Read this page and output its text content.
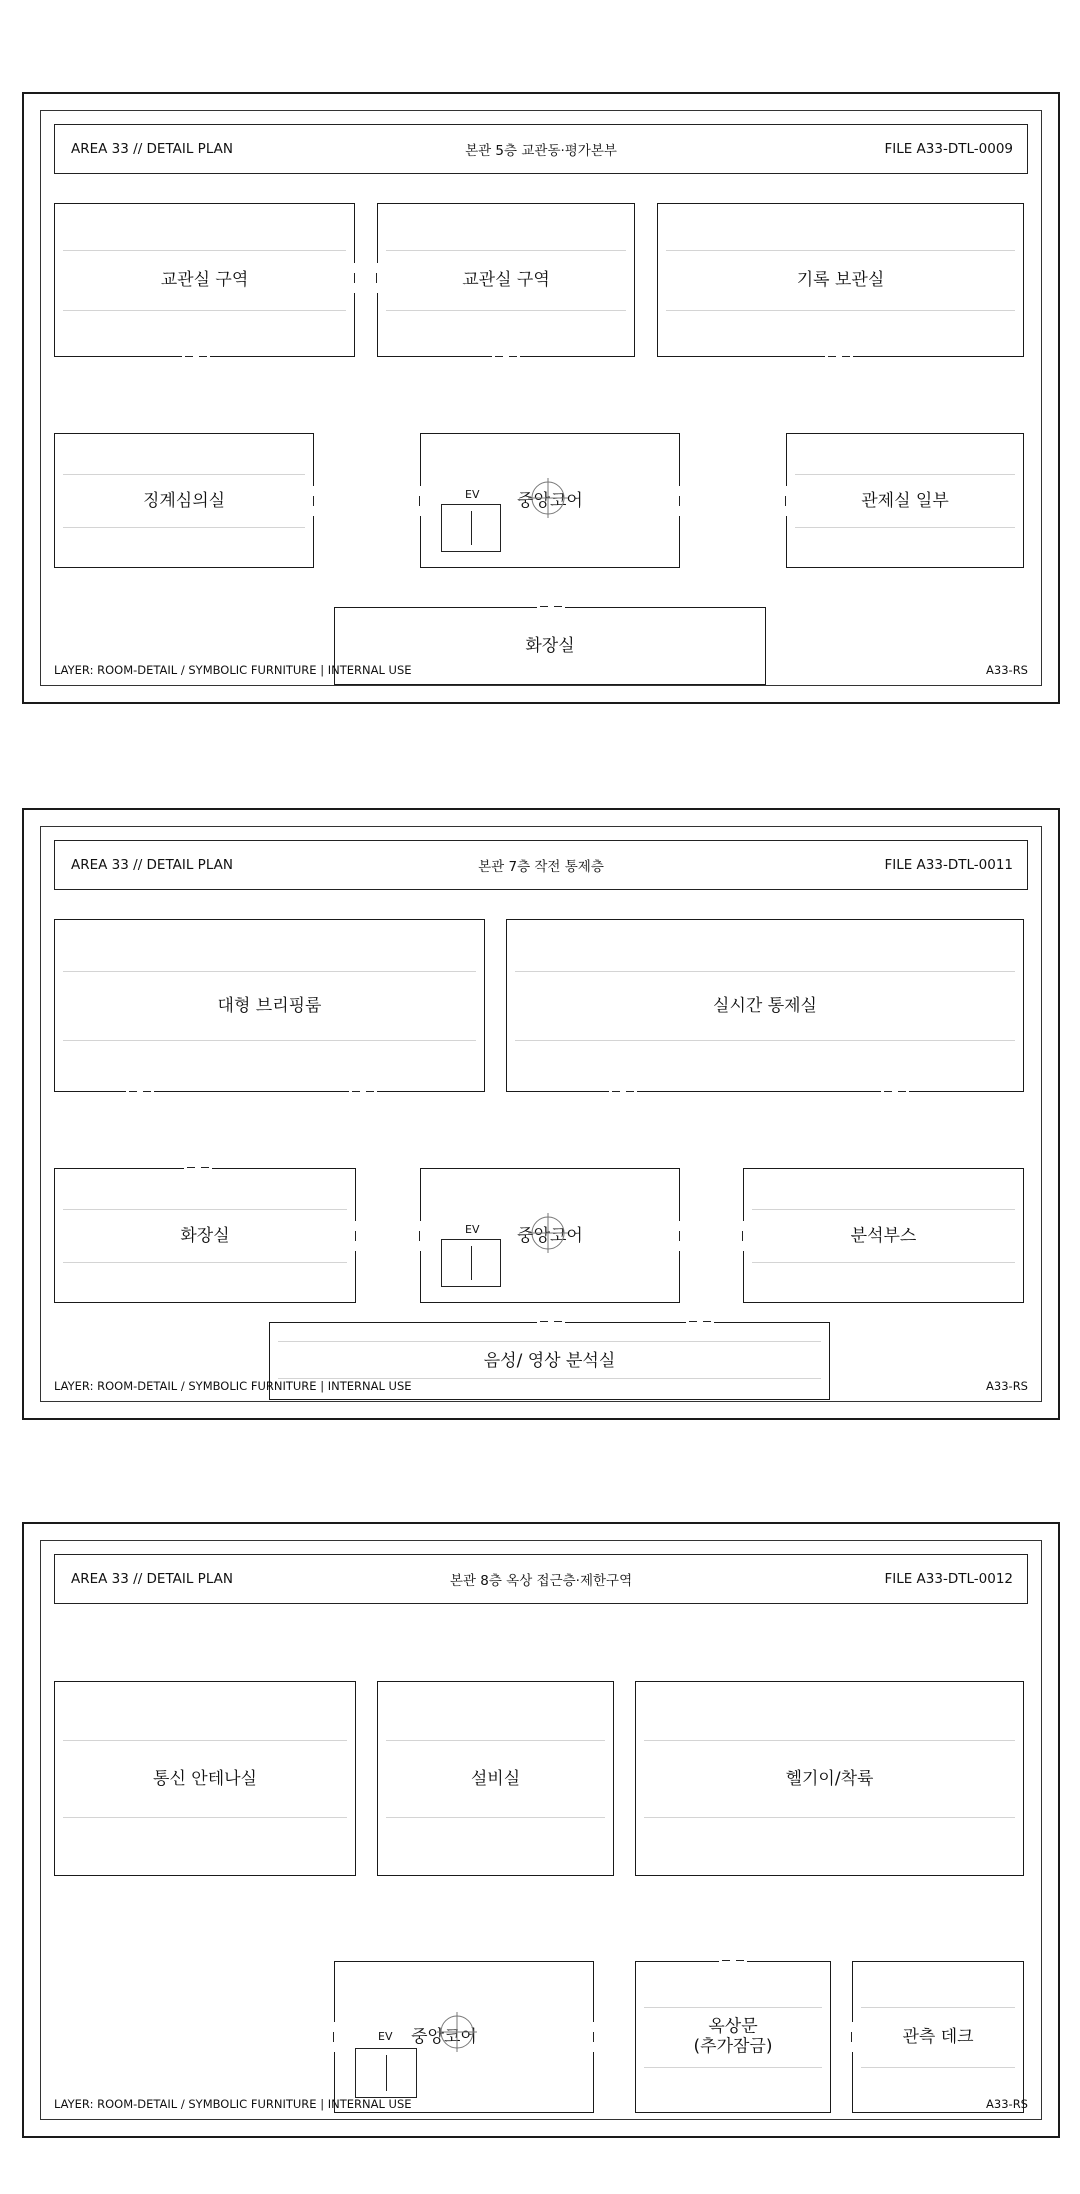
AREA 33 // DETAIL PLAN	본관 5층 교관동·평가본부	FILE A33-DTL-0009
교관실 구역	교관실 구역	기록 보관실
징계심의실	중앙코어
EV	관제실 일부
화장실
LAYER: ROOM-DETAIL / SYMBOLIC FURNITURE | INTERNAL USE	A33-RS
AREA 33 // DETAIL PLAN	본관 7층 작전 통제층	FILE A33-DTL-0011
대형 브리핑룸	실시간 통제실
화장실	중앙코어
EV	분석부스
음성/ 영상 분석실
LAYER: ROOM-DETAIL / SYMBOLIC FURNITURE | INTERNAL USE	A33-RS
AREA 33 // DETAIL PLAN	본관 8층 옥상 접근층·제한구역	FILE A33-DTL-0012
통신 안테나실	설비실	헬기이/착륙
중앙코어
EV	옥상문
(추가잠금)
관측 데크
LAYER: ROOM-DETAIL / SYMBOLIC FURNITURE | INTERNAL USE	A33-RS
